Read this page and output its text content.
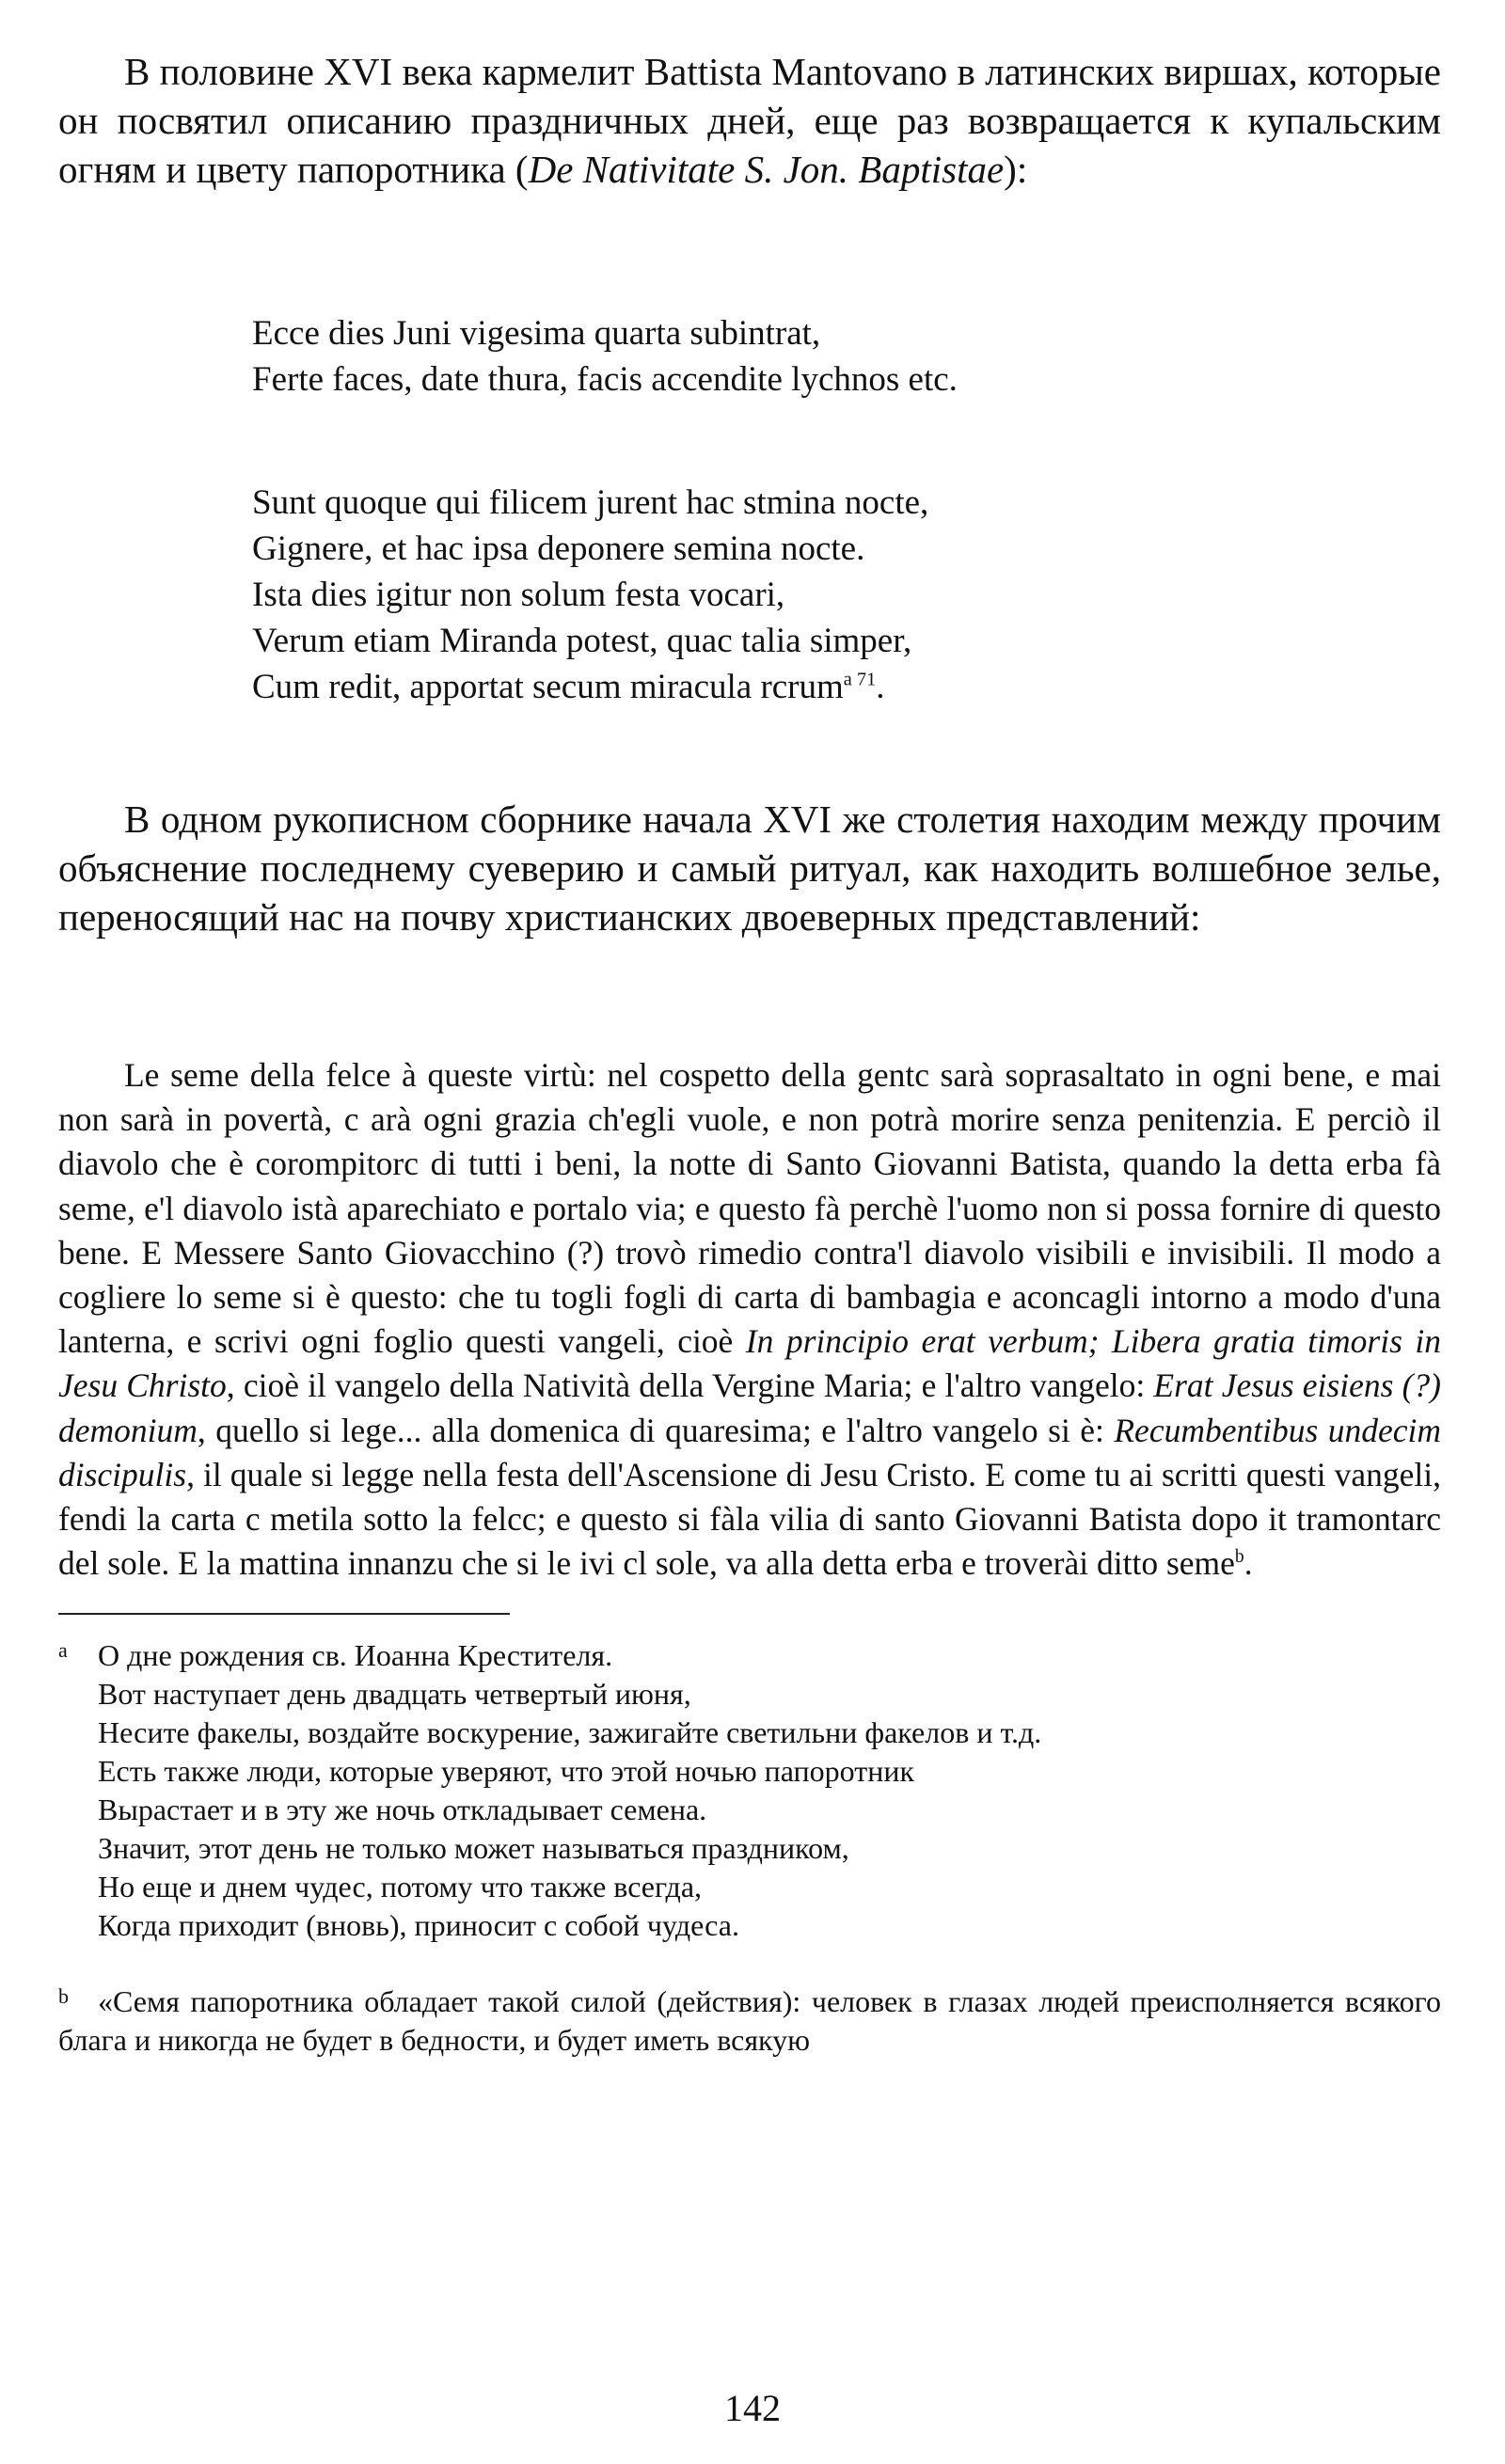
В половине XVI века кармелит Battista Mantovano в латинских виршах, которые он посвятил описанию праздничных дней, еще раз возвращается к купальским огням и цвету папоротника (De Nativitate S. Jon. Baptistae):
Ecce dies Juni vigesima quarta subintrat,
Ferte faces, date thura, facis accendite lychnos etc.
Sunt quoque qui filicem jurent hac stmina nocte,
Gignere, et hac ipsa deponere semina nocte.
Ista dies igitur non solum festa vocari,
Verum etiam Miranda potest, quac talia simper,
Cum redit, apportat secum miracula rcrum$^{a 71}$.
В одном рукописном сборнике начала XVI же столетия находим между прочим объяснение последнему суеверию и самый ритуал, как находить волшебное зелье, переносящий нас на почву христианских двоеверных представлений:
Le seme della felce à queste virtù: nel cospetto della gentc sarà soprasaltato in ogni bene, e mai non sarà in povertà, c arà ogni grazia ch'egli vuole, e non potrà morire senza penitenzia. E perciò il diavolo che è corompitorc di tutti i beni, la notte di Santo Giovanni Batista, quando la detta erba fà seme, e'l diavolo istà aparechiato e portalo via; e questo fà perchè l'uomo non si possa fornire di questo bene. E Messere Santo Giovacchino (?) trovò rimedio contra'l diavolo visibili e invisibili. Il modo a cogliere lo seme si è questo: che tu togli fogli di carta di bambagia e aconcagli intorno a modo d'una lanterna, e scrivi ogni foglio questi vangeli, cioè In principio erat verbum; Libera gratia timoris in Jesu Christo, cioè il vangelo della Natività della Vergine Maria; e l'altro vangelo: Erat Jesus eisiens (?) demonium, quello si lege... alla domenica di quaresima; e l'altro vangelo si è: Recumbentibus undecim discipulis, il quale si legge nella festa dell'Ascensione di Jesu Cristo. E come tu ai scritti questi vangeli, fendi la carta c metila sotto la felcc; e questo si fàla vilia di santo Giovanni Batista dopo it tramontarc del sole. E la mattina innanzu che si le ivi cl sole, va alla detta erba e troverài ditto seme$^b$.
a О дне рождения св. Иоанна Крестителя.
Вот наступает день двадцать четвертый июня,
Несите факелы, воздайте воскурение, зажигайте светильни факелов и т.д.
Есть также люди, которые уверяют, что этой ночью папоротник
Вырастает и в эту же ночь откладывает семена.
Значит, этот день не только может называться праздником,
Но еще и днем чудес, потому что также всегда,
Когда приходит (вновь), приносит с собой чудеса.
b «Семя папоротника обладает такой силой (действия): человек в глазах людей преисполняется всякого блага и никогда не будет в бедности, и будет иметь всякую
142
